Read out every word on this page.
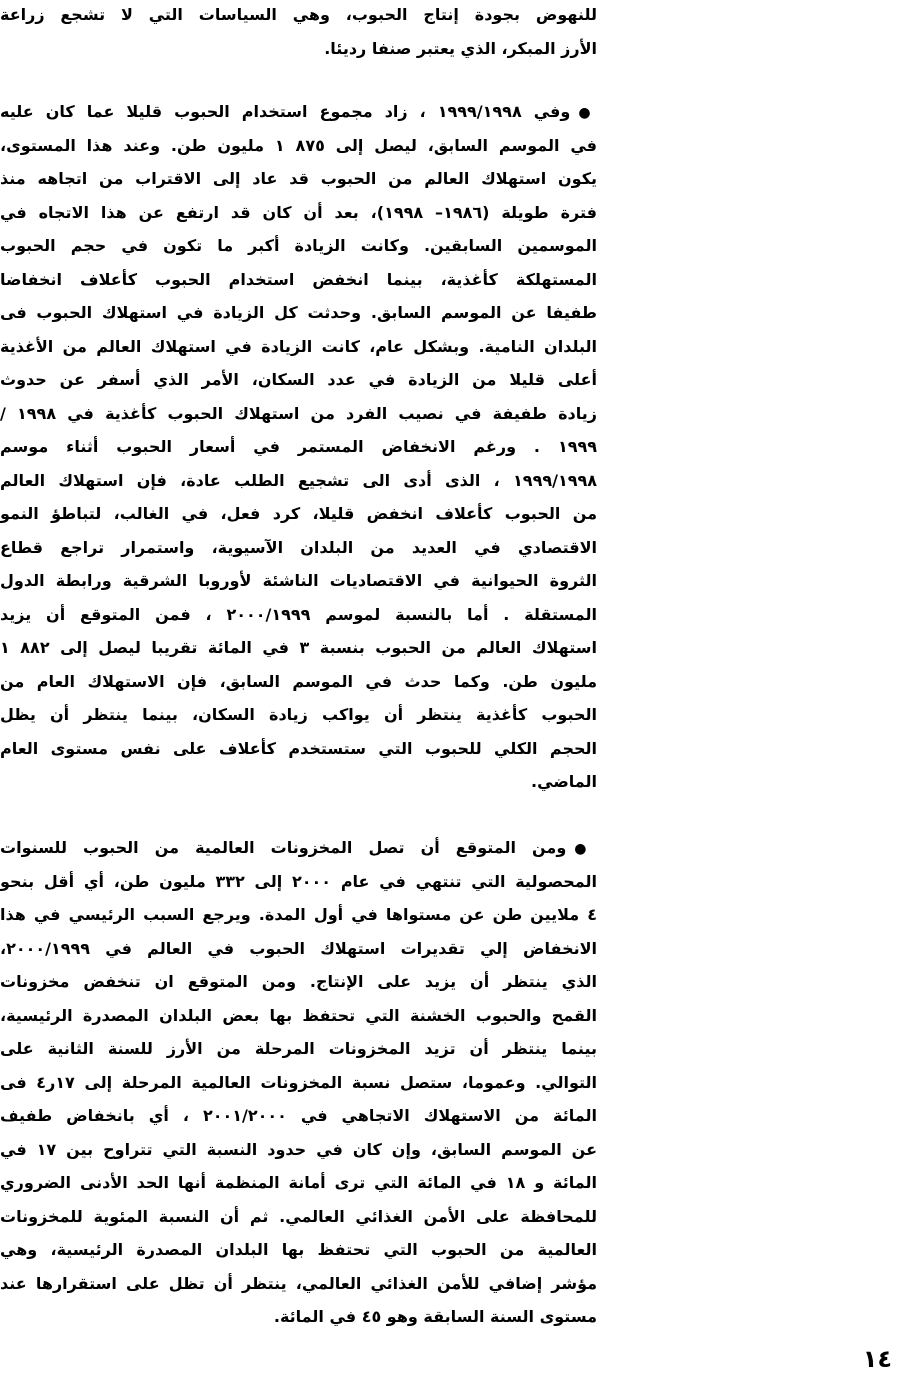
للنهوض بجودة إنتاج الحبوب، وهي السياسات التي لا تشجع زراعة
الأرز المبكر، الذي يعتبر صنفا رديئا.
●وفي ١٩٩٩/١٩٩٨ ، زاد مجموع استخدام الحبوب قليلا عما كان عليه
في الموسم السابق، ليصل إلى ٨٧٥ ١ مليون طن. وعند هذا المستوى،
يكون استهلاك العالم من الحبوب قد عاد إلى الاقتراب من اتجاهه منذ
فترة طويلة (١٩٨٦– ١٩٩٨)، بعد أن كان قد ارتفع عن هذا الاتجاه في
الموسمين السابقين. وكانت الزيادة أكبر ما تكون في حجم الحبوب
المستهلكة كأغذية، بينما انخفض استخدام الحبوب كأعلاف انخفاضا
طفيفا عن الموسم السابق. وحدثت كل الزيادة في استهلاك الحبوب فى
البلدان النامية. وبشكل عام، كانت الزيادة في استهلاك العالم من الأغذية
أعلى قليلا من الزيادة في عدد السكان، الأمر الذي أسفر عن حدوث
زيادة طفيفة في نصيب الفرد من استهلاك الحبوب كأغذية في ١٩٩٨ /
١٩٩٩ . ورغم الانخفاض المستمر في أسعار الحبوب أثناء موسم
١٩٩٩/١٩٩٨ ، الذى أدى الى تشجيع الطلب عادة، فإن استهلاك العالم
من الحبوب كأعلاف انخفض قليلا، كرد فعل، في الغالب، لتباطؤ النمو
الاقتصادي في العديد من البلدان الآسيوية، واستمرار تراجع قطاع
الثروة الحيوانية في الاقتصاديات الناشئة لأوروبا الشرقية ورابطة الدول
المستقلة . أما بالنسبة لموسم ٢٠٠٠/١٩٩٩ ، فمن المتوقع أن يزيد
استهلاك العالم من الحبوب بنسبة ٣ في المائة تقريبا ليصل إلى ٨٨٢ ١
مليون طن. وكما حدث في الموسم السابق، فإن الاستهلاك العام من
الحبوب كأغذية ينتظر أن يواكب زيادة السكان، بينما ينتظر أن يظل
الحجم الكلي للحبوب التي ستستخدم كأعلاف على نفس مستوى العام
الماضي.
●ومن المتوقع أن تصل المخزونات العالمية من الحبوب للسنوات
المحصولية التي تنتهي في عام ٢٠٠٠ إلى ٣٣٢ مليون طن، أي أقل بنحو
٤ ملايين طن عن مستواها في أول المدة. ويرجع السبب الرئيسي في هذا
الانخفاض إلي تقديرات استهلاك الحبوب في العالم في ٢٠٠٠/١٩٩٩،
الذي ينتظر أن يزيد على الإنتاج. ومن المتوقع ان تنخفض مخزونات
القمح والحبوب الخشنة التي تحتفظ بها بعض البلدان المصدرة الرئيسية،
بينما ينتظر أن تزيد المخزونات المرحلة من الأرز للسنة الثانية على
التوالي. وعموما، ستصل نسبة المخزونات العالمية المرحلة إلى ١٧ر٤ فى
المائة من الاستهلاك الاتجاهي في ٢٠٠١/٢٠٠٠ ، أي بانخفاض طفيف
عن الموسم السابق، وإن كان في حدود النسبة التي تتراوح بين ١٧ في
المائة و ١٨ في المائة التي ترى أمانة المنظمة أنها الحد الأدنى الضروري
للمحافظة على الأمن الغذائي العالمي. ثم أن النسبة المئوية للمخزونات
العالمية من الحبوب التي تحتفظ بها البلدان المصدرة الرئيسية، وهي
مؤشر إضافي للأمن الغذائي العالمي، ينتظر أن تظل على استقرارها عند
مستوى السنة السابقة وهو ٤٥ في المائة.
١٤
